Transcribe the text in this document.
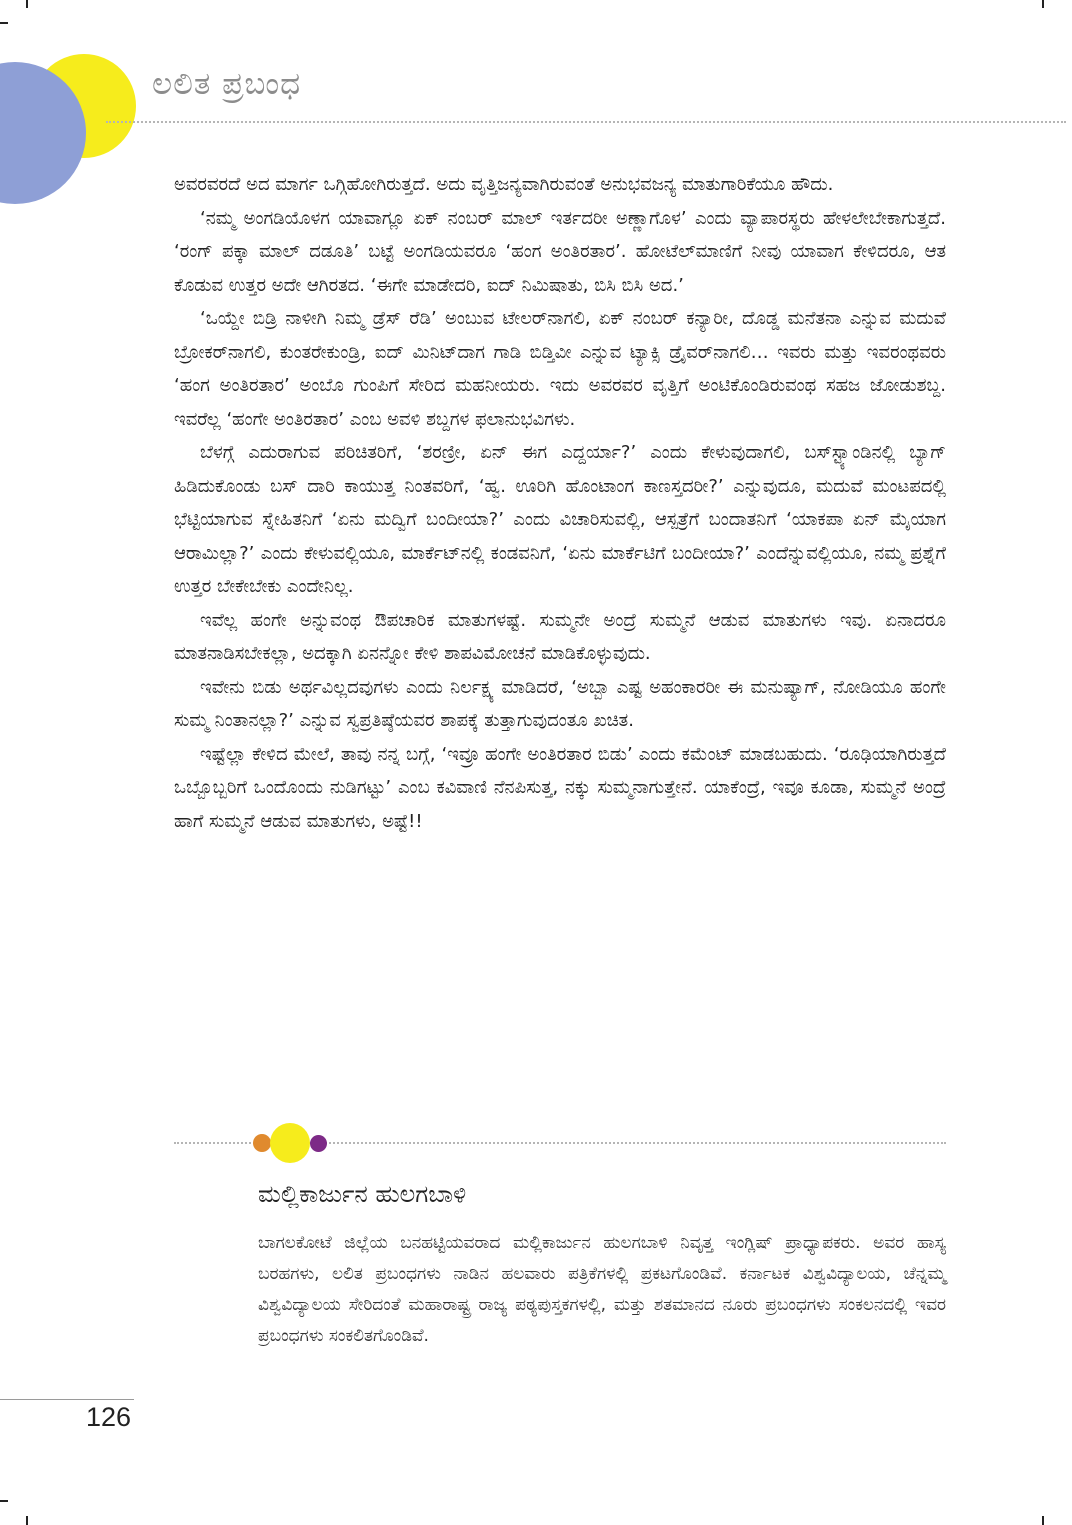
ಲಲಿತ ಪ್ರಬಂಧ

ಅವರವರದೆ ಅದ ಮಾರ್ಗ ಒಗ್ಗಿಹೋಗಿರುತ್ತದೆ. ಅದು ವೃತ್ತಿಜನ್ಯವಾಗಿರುವಂತೆ ಅನುಭವಜನ್ಯ ಮಾತುಗಾರಿಕೆಯೂ ಹೌದು.

‘ನಮ್ಮ ಅಂಗಡಿಯೊಳಗ ಯಾವಾಗ್ಲೂ ಏಕ್ ನಂಬರ್ ಮಾಲ್ ಇರ್ತದರೀ ಅಣ್ಣಾಗೊಳ’ ಎಂದು ವ್ಯಾಪಾರಸ್ಥರು ಹೇಳಲೇಬೇಕಾಗುತ್ತದೆ. ‘ರಂಗ್ ಪಕ್ಕಾ ಮಾಲ್ ದಡೂತಿ’ ಬಟ್ಟೆ ಅಂಗಡಿಯವರೂ ‘ಹಂಗ ಅಂತಿರತಾರ’. ಹೋಟೆಲ್‌ಮಾಣಿಗೆ ನೀವು ಯಾವಾಗ ಕೇಳಿದರೂ, ಆತ ಕೊಡುವ ಉತ್ತರ ಅದೇ ಆಗಿರತದ. ‘ಈಗೇ ಮಾಡೇದರಿ, ಐದ್ ನಿಮಿಷಾತು, ಬಿಸಿ ಬಿಸಿ ಅದ.’

‘ಒಯ್ದೇ ಬಿಡ್ರಿ ನಾಳೀಗಿ ನಿಮ್ಮ ಡ್ರೆಸ್ ರೆಡಿ’ ಅಂಬುವ ಟೇಲರ್‌ನಾಗಲಿ, ಏಕ್ ನಂಬರ್ ಕನ್ಯಾರೀ, ದೊಡ್ಡ ಮನೆತನಾ ಎನ್ನುವ ಮದುವೆ ಬ್ರೋಕರ್‌ನಾಗಲಿ, ಕುಂತರೇಕುಂಡ್ರಿ, ಐದ್ ಮಿನಿಟ್‌ದಾಗ ಗಾಡಿ ಬಿಡ್ತಿವೀ ಎನ್ನುವ ಟ್ಯಾಕ್ಸಿ ಡ್ರೈವರ್‌ನಾಗಲಿ… ಇವರು ಮತ್ತು ಇವರಂಥವರು ‘ಹಂಗ ಅಂತಿರತಾರ’ ಅಂಬೊ ಗುಂಪಿಗೆ ಸೇರಿದ ಮಹನೀಯರು. ಇದು ಅವರವರ ವೃತ್ತಿಗೆ ಅಂಟಿಕೊಂಡಿರುವಂಥ ಸಹಜ ಜೋಡುಶಬ್ದ. ಇವರೆಲ್ಲ ‘ಹಂಗೇ ಅಂತಿರತಾರ’ ಎಂಬ ಅವಳಿ ಶಬ್ದಗಳ ಫಲಾನುಭವಿಗಳು.

ಬೆಳಗ್ಗೆ ಎದುರಾಗುವ ಪರಿಚಿತರಿಗೆ, ‘ಶರಣ್ರೀ, ಏನ್ ಈಗ ಎದ್ದರ್ಯಾ?’ ಎಂದು ಕೇಳುವುದಾಗಲಿ, ಬಸ್‌ಸ್ಟ್ಯಾಂಡಿನಲ್ಲಿ ಬ್ಯಾಗ್ ಹಿಡಿದುಕೊಂಡು ಬಸ್ ದಾರಿ ಕಾಯುತ್ತ ನಿಂತವರಿಗೆ, ‘ಹ್ವ. ಊರಿಗಿ ಹೊಂಟಾಂಗ ಕಾಣಸ್ತದರೀ?’ ಎನ್ನುವುದೂ, ಮದುವೆ ಮಂಟಪದಲ್ಲಿ ಭೆಟ್ಟಿಯಾಗುವ ಸ್ನೇಹಿತನಿಗೆ ‘ಏನು ಮದ್ವಿಗೆ ಬಂದೀಯಾ?’ ಎಂದು ವಿಚಾರಿಸುವಲ್ಲಿ, ಆಸ್ಪತ್ರೆಗೆ ಬಂದಾತನಿಗೆ ‘ಯಾಕಪಾ ಏನ್ ಮೈಯಾಗ ಆರಾಮಿಲ್ಲಾ?’ ಎಂದು ಕೇಳುವಲ್ಲಿಯೂ, ಮಾರ್ಕೆಟ್‌ನಲ್ಲಿ ಕಂಡವನಿಗೆ, ‘ಏನು ಮಾರ್ಕೆಟಿಗೆ ಬಂದೀಯಾ?’ ಎಂದೆನ್ನುವಲ್ಲಿಯೂ, ನಮ್ಮ ಪ್ರಶ್ನೆಗೆ ಉತ್ತರ ಬೇಕೇಬೇಕು ಎಂದೇನಿಲ್ಲ.

ಇವೆಲ್ಲ ಹಂಗೇ ಅನ್ನುವಂಥ ಔಪಚಾರಿಕ ಮಾತುಗಳಷ್ಟೆ. ಸುಮ್ಮನೇ ಅಂದ್ರೆ ಸುಮ್ಮನೆ ಆಡುವ ಮಾತುಗಳು ಇವು. ಏನಾದರೂ ಮಾತನಾಡಿಸಬೇಕಲ್ಲಾ, ಅದಕ್ಕಾಗಿ ಏನನ್ನೋ ಕೇಳಿ ಶಾಪವಿಮೋಚನೆ ಮಾಡಿಕೊಳ್ಳುವುದು.

ಇವೇನು ಬಿಡು ಅರ್ಥವಿಲ್ಲದವುಗಳು ಎಂದು ನಿರ್ಲಕ್ಷ್ಯ ಮಾಡಿದರೆ, ‘ಅಬ್ಬಾ ಎಷ್ಟ ಅಹಂಕಾರರೀ ಈ ಮನುಷ್ಯಾಗ್, ನೋಡಿಯೂ ಹಂಗೇ ಸುಮ್ಮ ನಿಂತಾನಲ್ಲಾ?’ ಎನ್ನುವ ಸ್ವಪ್ರತಿಷ್ಠೆಯವರ ಶಾಪಕ್ಕೆ ತುತ್ತಾಗುವುದಂತೂ ಖಚಿತ.

ಇಷ್ಟೆಲ್ಲಾ ಕೇಳಿದ ಮೇಲೆ, ತಾವು ನನ್ನ ಬಗ್ಗೆ, ‘ಇವ್ರೂ ಹಂಗೇ ಅಂತಿರತಾರ ಬಿಡು’ ಎಂದು ಕಮೆಂಟ್ ಮಾಡಬಹುದು. ‘ರೂಢಿಯಾಗಿರುತ್ತದೆ ಒಬ್ಬೊಬ್ಬರಿಗೆ ಒಂದೊಂದು ನುಡಿಗಟ್ಟು’ ಎಂಬ ಕವಿವಾಣಿ ನೆನಪಿಸುತ್ತ, ನಕ್ಕು ಸುಮ್ಮನಾಗುತ್ತೇನೆ. ಯಾಕೆಂದ್ರೆ, ಇವೂ ಕೂಡಾ, ಸುಮ್ಮನೆ ಅಂದ್ರೆ ಹಾಗೆ ಸುಮ್ಮನೆ ಆಡುವ ಮಾತುಗಳು, ಅಷ್ಟೆ!!

ಮಲ್ಲಿಕಾರ್ಜುನ ಹುಲಗಬಾಳಿ
ಬಾಗಲಕೋಟೆ ಜಿಲ್ಲೆಯ ಬನಹಟ್ಟಿಯವರಾದ ಮಲ್ಲಿಕಾರ್ಜುನ ಹುಲಗಬಾಳಿ ನಿವೃತ್ತ ಇಂಗ್ಲಿಷ್ ಪ್ರಾಧ್ಯಾಪಕರು. ಅವರ ಹಾಸ್ಯ ಬರಹಗಳು, ಲಲಿತ ಪ್ರಬಂಧಗಳು ನಾಡಿನ ಹಲವಾರು ಪತ್ರಿಕೆಗಳಲ್ಲಿ ಪ್ರಕಟಗೊಂಡಿವೆ. ಕರ್ನಾಟಕ ವಿಶ್ವವಿದ್ಯಾಲಯ, ಚೆನ್ನಮ್ಮ ವಿಶ್ವವಿದ್ಯಾಲಯ ಸೇರಿದಂತೆ ಮಹಾರಾಷ್ಟ್ರ ರಾಜ್ಯ ಪಠ್ಯಪುಸ್ತಕಗಳಲ್ಲಿ, ಮತ್ತು ಶತಮಾನದ ನೂರು ಪ್ರಬಂಧಗಳು ಸಂಕಲನದಲ್ಲಿ ಇವರ ಪ್ರಬಂಧಗಳು ಸಂಕಲಿತಗೊಂಡಿವೆ.
126
